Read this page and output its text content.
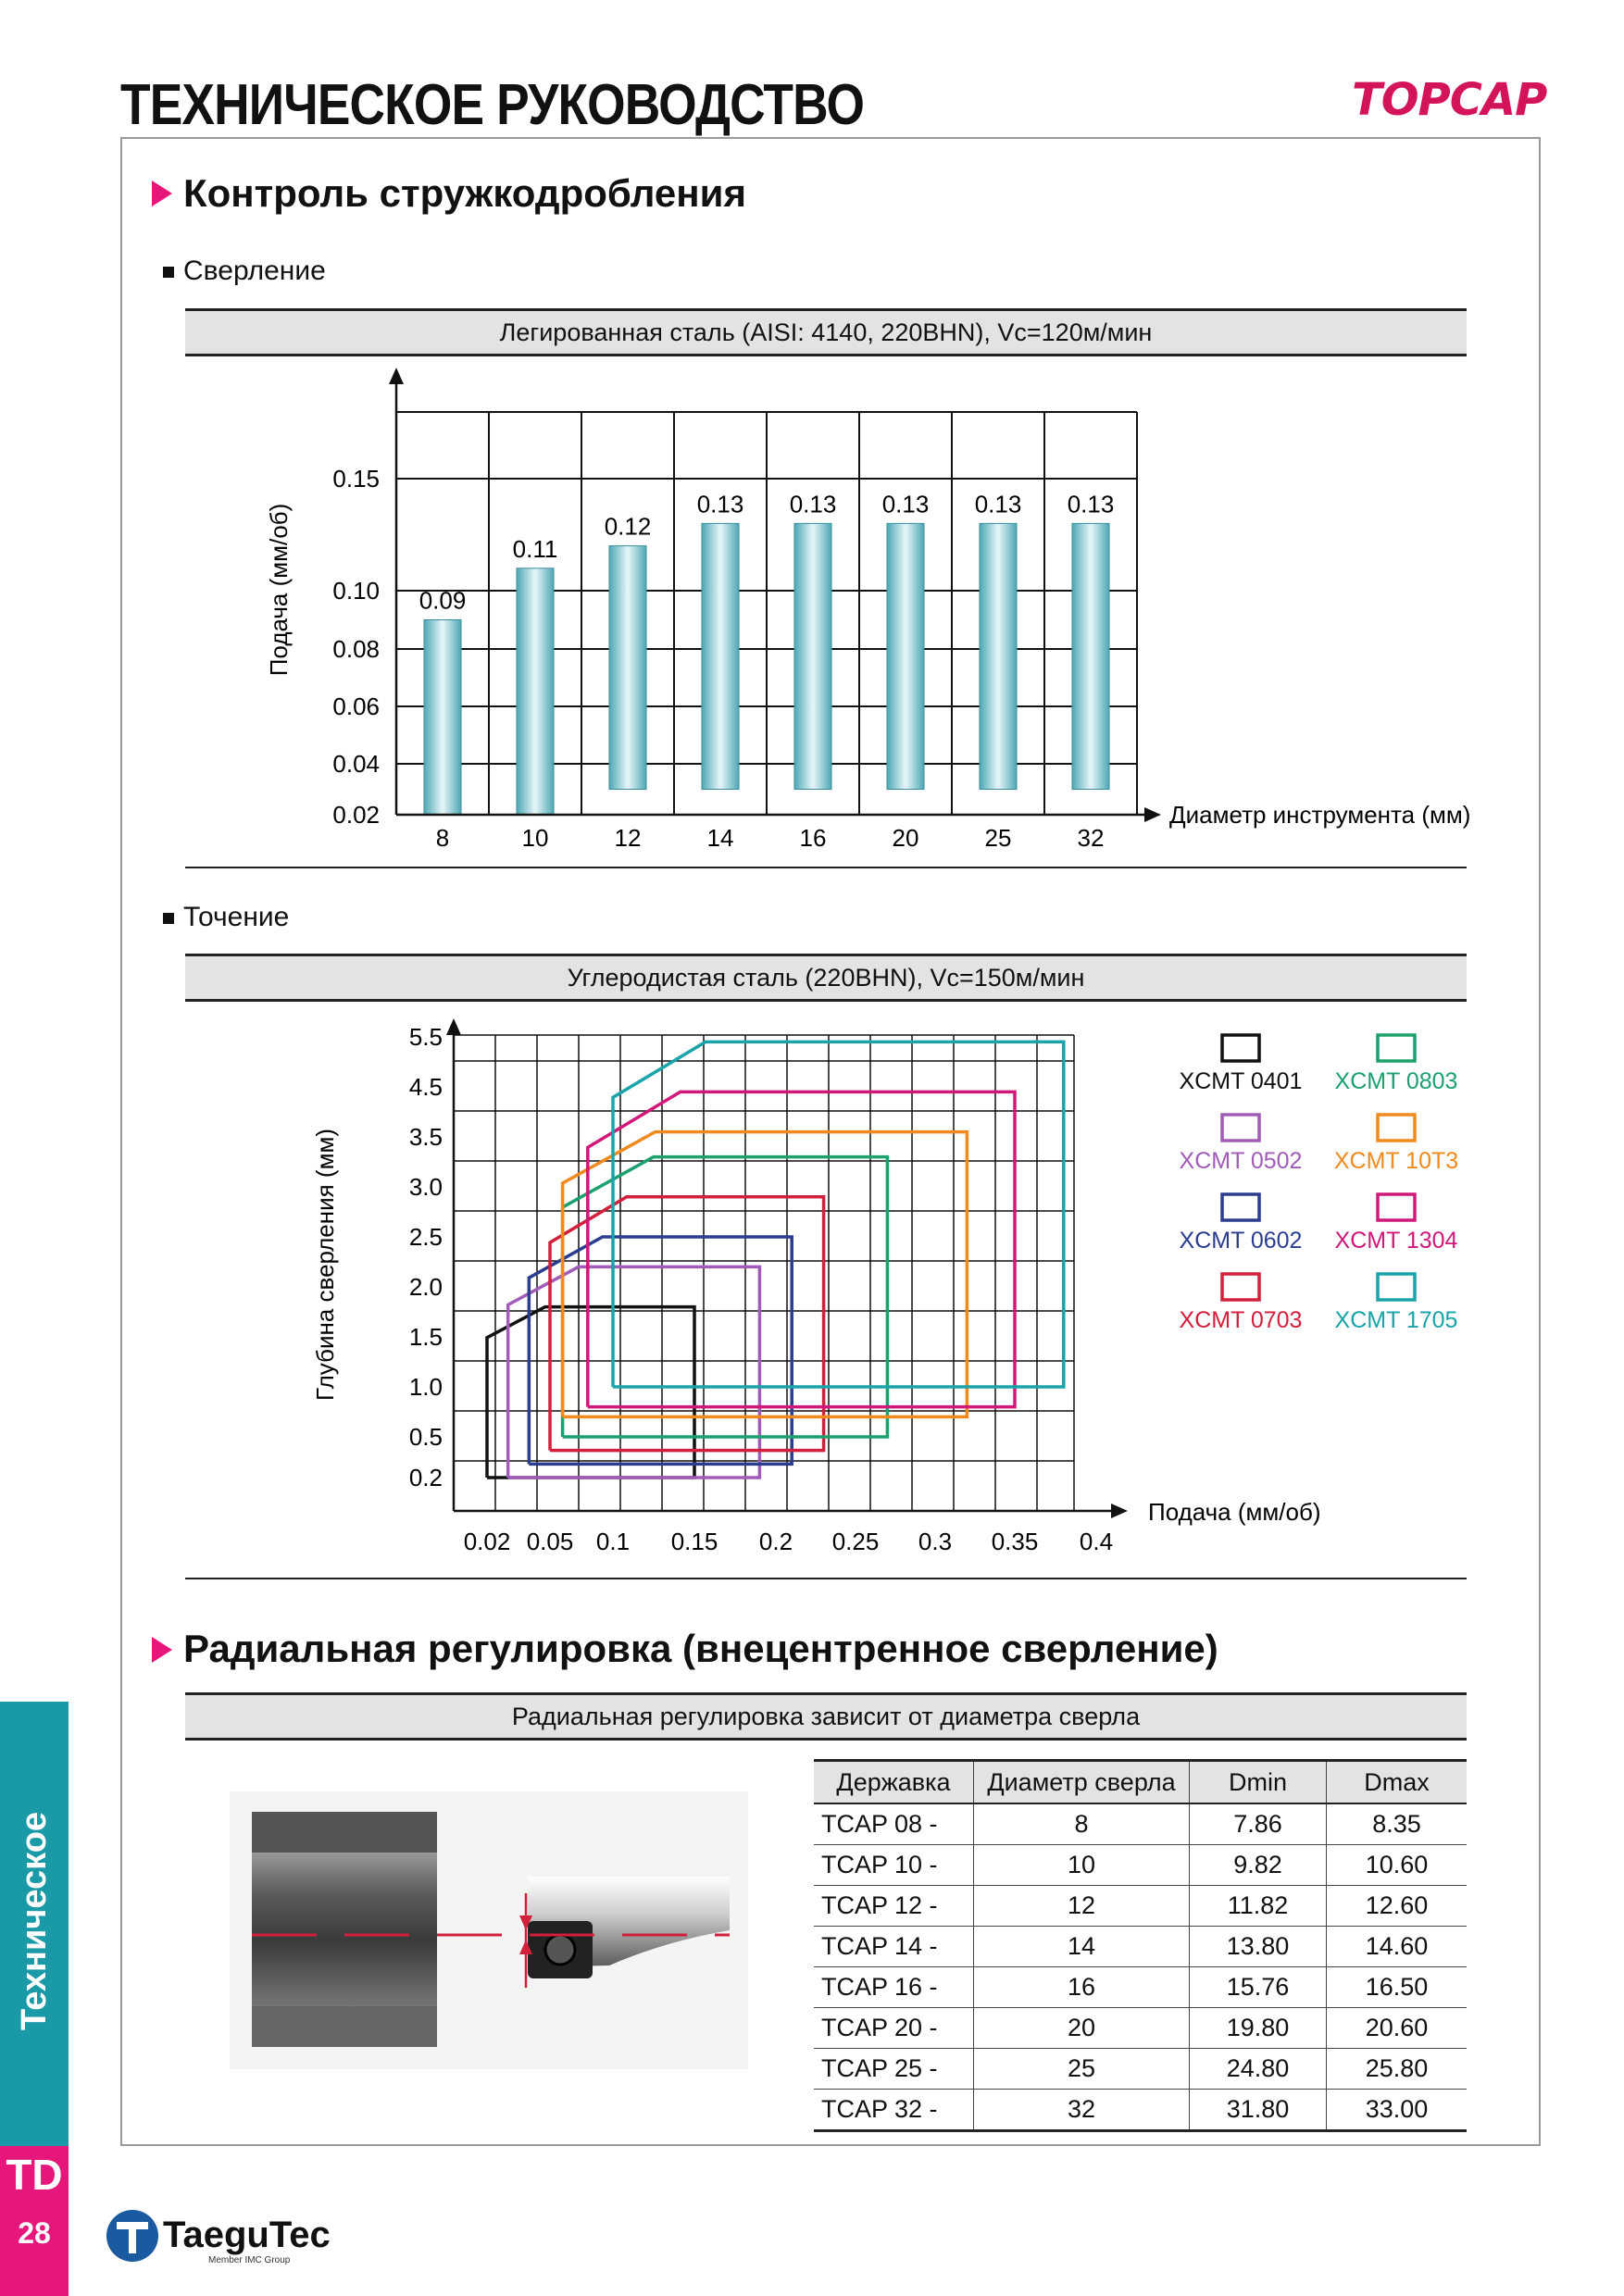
ТЕХНИЧЕСКОЕ РУКОВОДСТВО	TOPCAP
Контроль стружкодробления
Сверление
Легированная сталь (AISI: 4140, 220BHN), Vc=120м/мин
0.15
0.10
0.08
0.06
0.04
0.02
0.09
8
0.11
10
0.12
12
0.13
14
0.13
16
0.13
20
0.13
25
0.13
32
Диаметр инструмента (мм)
Подача (мм/об)
Точение
Углеродистая сталь (220BHN), Vc=150м/мин
5.5
4.5
3.5
3.0
2.5
2.0
1.5
1.0
0.5
0.2
0.02 0.05 0.1 0.15 0.2 0.25 0.3 0.35 0.4
XCMT 0401
XCMT 0502
XCMT 0602
XCMT 0703
XCMT 0803
XCMT 10T3
XCMT 1304
XCMT 1705
Подача (мм/об)
Глубина сверления (мм)
Радиальная регулировка (внецентренное сверление)
Радиальная регулировка зависит от диаметра сверла
Державка	Диаметр сверла	Dmin	Dmax
TCAP 08 -	8	7.86	8.35
TCAP 10 -	10	9.82	10.60
TCAP 12 -	12	11.82	12.60
TCAP 14 -	14	13.80	14.60
TCAP 16 -	16	15.76	16.50
TCAP 20 -	20	19.80	20.60
TCAP 25 -	25	24.80	25.80
TCAP 32 -	32	31.80	33.00
Техническое руководство
TD
28	TaeguTec
Member IMC Group
